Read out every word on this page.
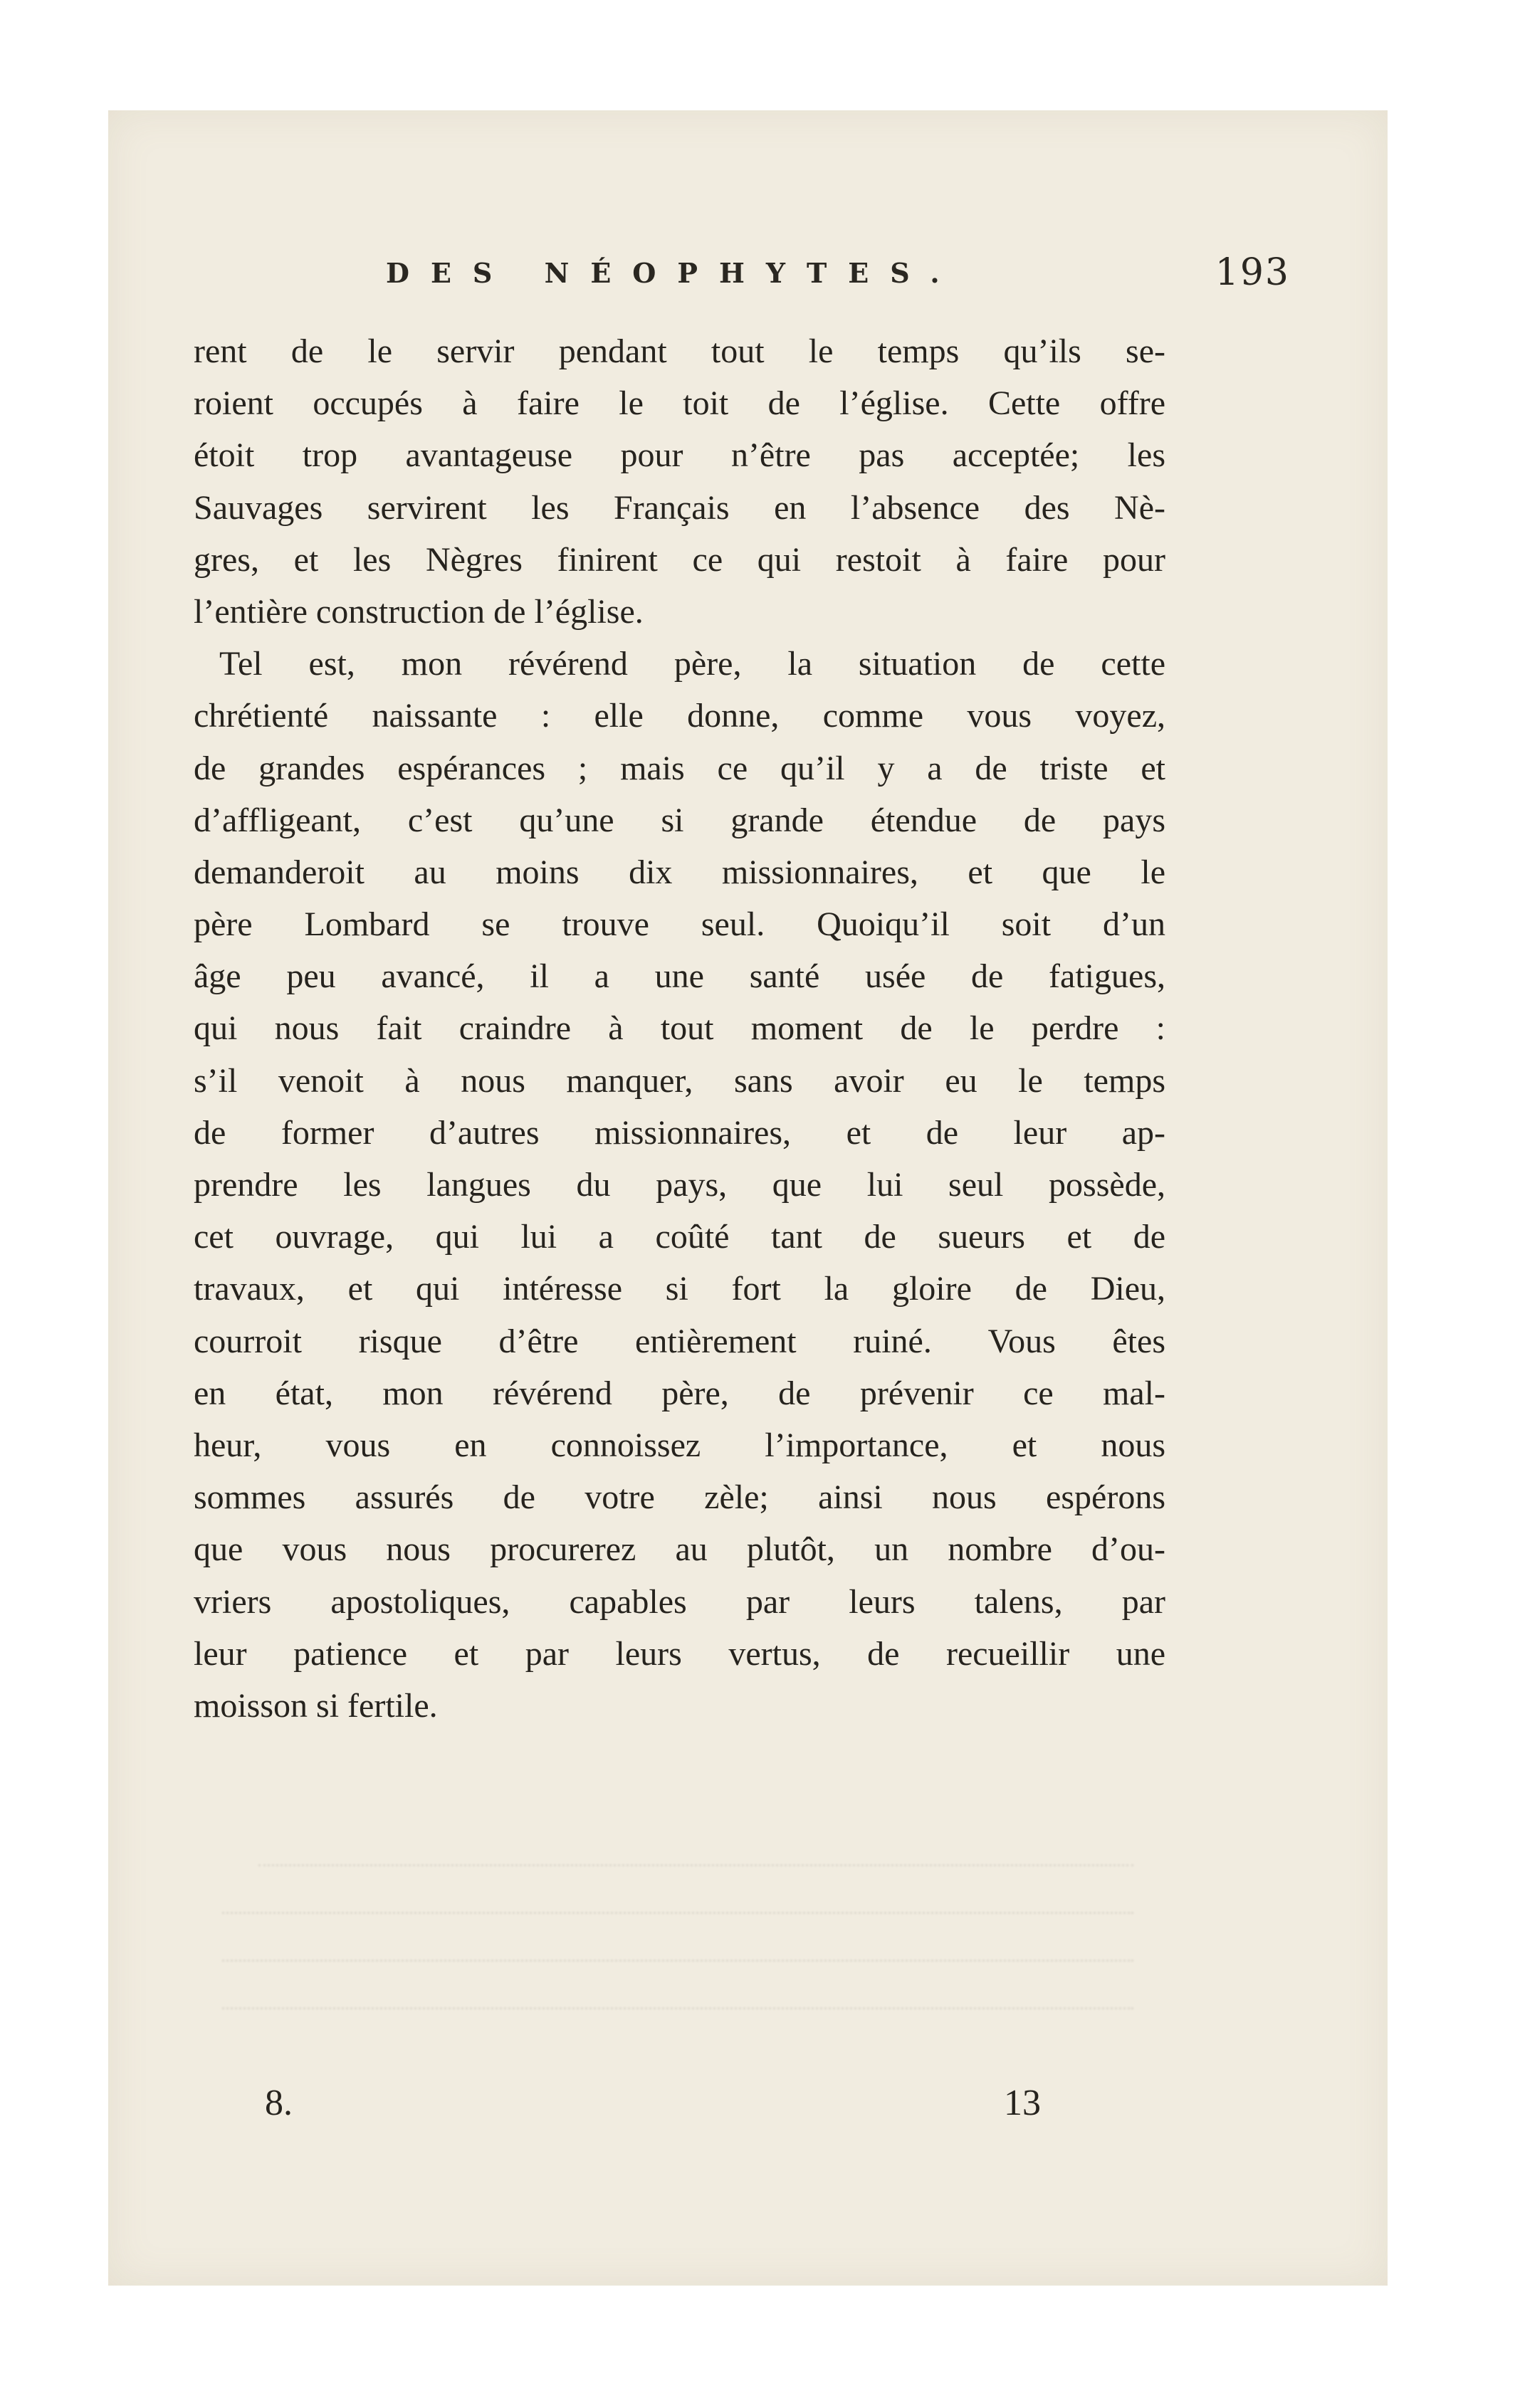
DES NÉOPHYTES.	193
rent de le servir pendant tout le temps qu’ils se-
roient occupés à faire le toit de l’église. Cette offre
étoit trop avantageuse pour n’être pas acceptée; les
Sauvages servirent les Français en l’absence des Nè-
gres, et les Nègres finirent ce qui restoit à faire pour
l’entière construction de l’église.
Tel est, mon révérend père, la situation de cette
chrétienté naissante : elle donne, comme vous voyez,
de grandes espérances ; mais ce qu’il y a de triste et
d’affligeant, c’est qu’une si grande étendue de pays
demanderoit au moins dix missionnaires, et que le
père Lombard se trouve seul. Quoiqu’il soit d’un
âge peu avancé, il a une santé usée de fatigues,
qui nous fait craindre à tout moment de le perdre :
s’il venoit à nous manquer, sans avoir eu le temps
de former d’autres missionnaires, et de leur ap-
prendre les langues du pays, que lui seul possède,
cet ouvrage, qui lui a coûté tant de sueurs et de
travaux, et qui intéresse si fort la gloire de Dieu,
courroit risque d’être entièrement ruiné. Vous êtes
en état, mon révérend père, de prévenir ce mal-
heur, vous en connoissez l’importance, et nous
sommes assurés de votre zèle; ainsi nous espérons
que vous nous procurerez au plutôt, un nombre d’ou-
vriers apostoliques, capables par leurs talens, par
leur patience et par leurs vertus, de recueillir une
moisson si fertile.
8.	13
